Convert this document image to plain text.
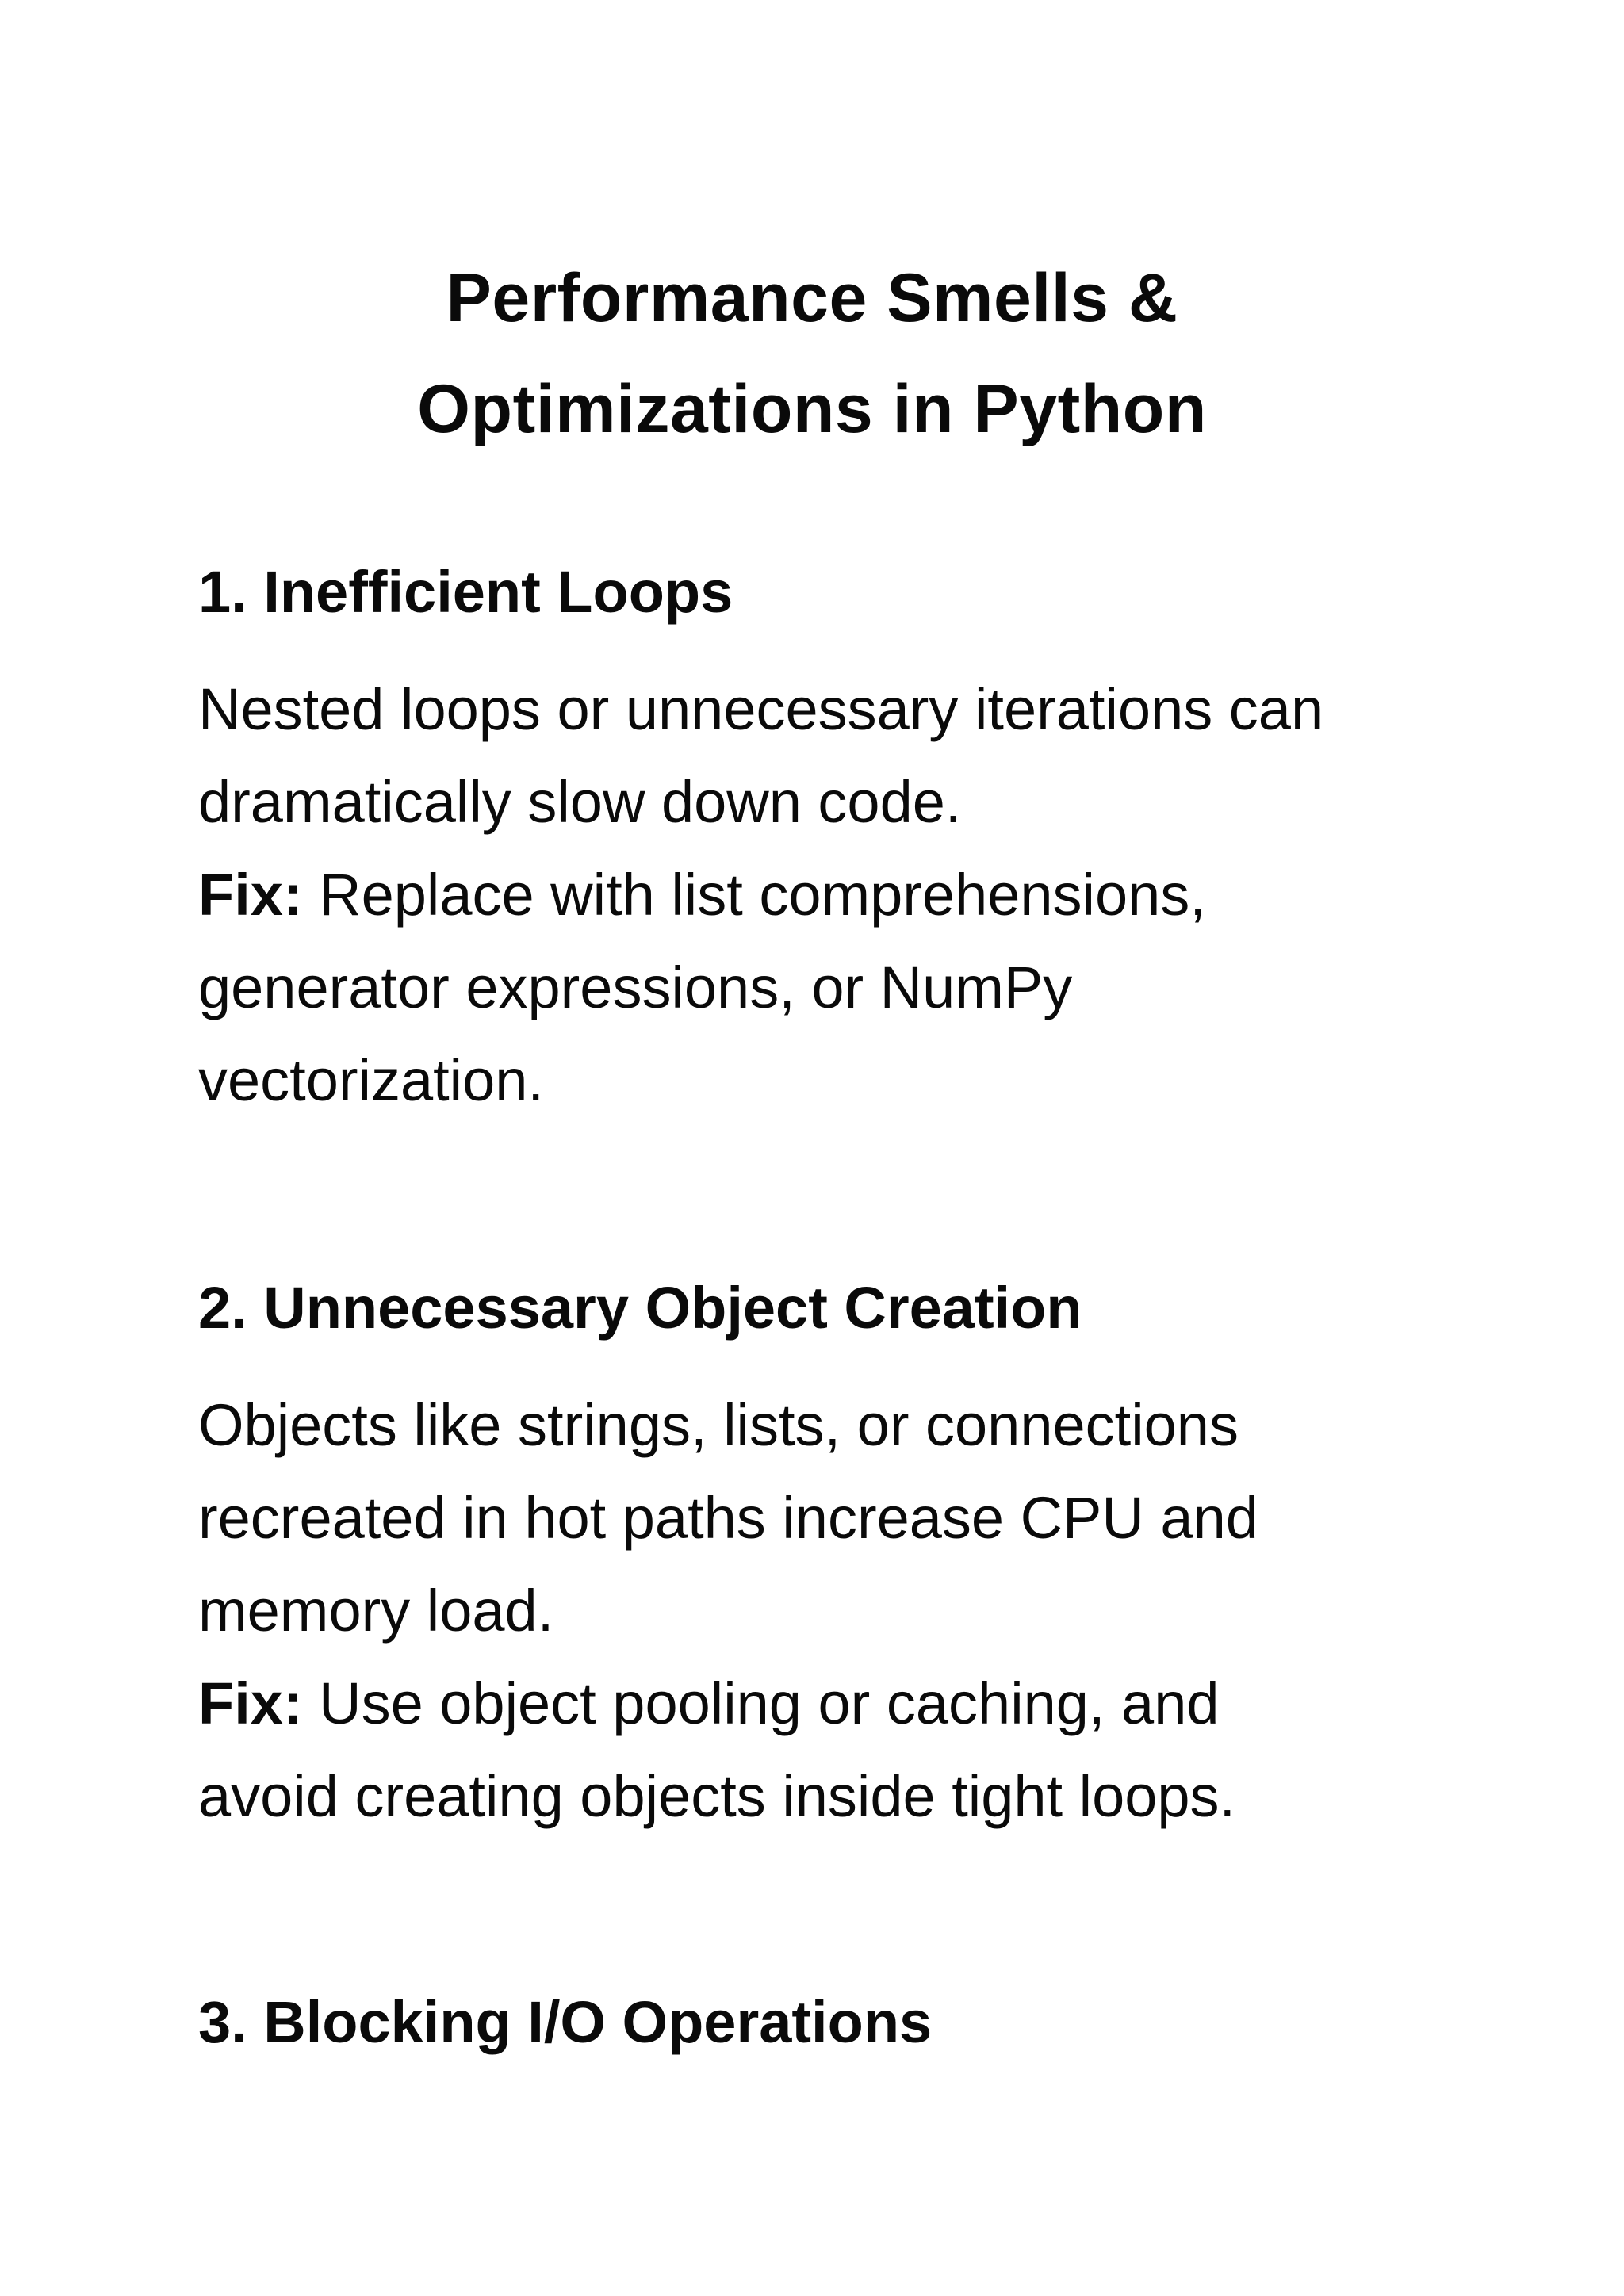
Performance Smells &
Optimizations in Python
1. Inefficient Loops
Nested loops or unnecessary iterations can
dramatically slow down code.
Fix: Replace with list comprehensions,
generator expressions, or NumPy
vectorization.
2. Unnecessary Object Creation
Objects like strings, lists, or connections
recreated in hot paths increase CPU and
memory load.
Fix: Use object pooling or caching, and
avoid creating objects inside tight loops.
3. Blocking I/O Operations
